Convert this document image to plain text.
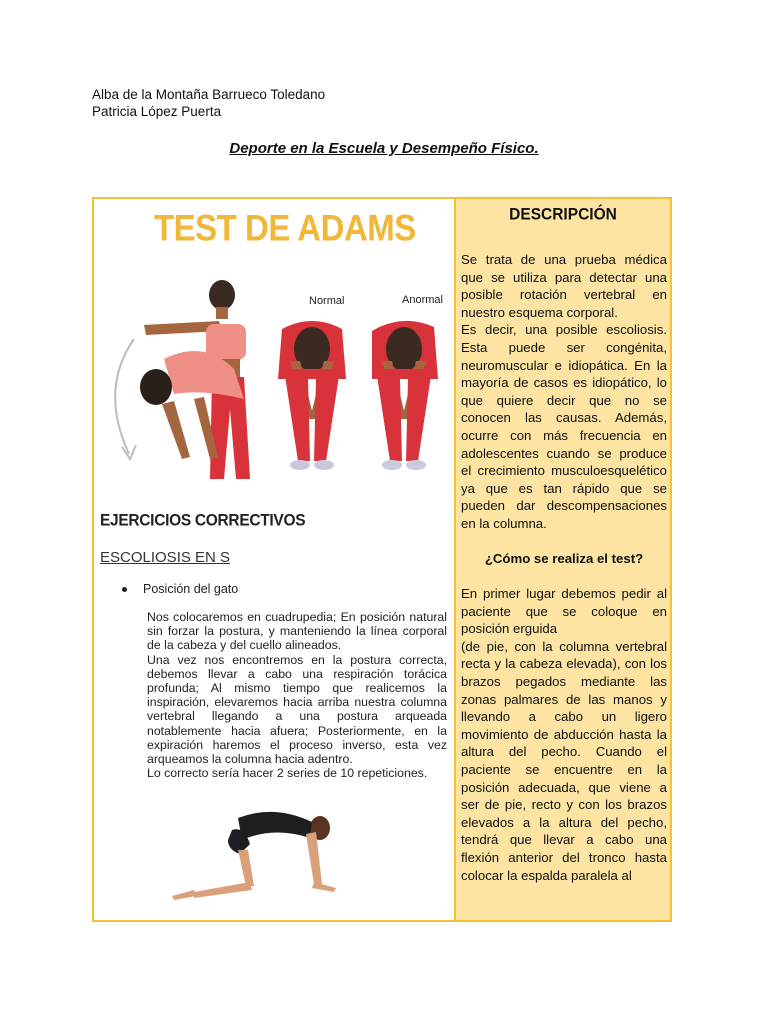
Alba de la Montaña Barrueco Toledano
Patricia López Puerta
Deporte en la Escuela y Desempeño Físico.
TEST DE ADAMS
Normal	Anormal
EJERCICIOS CORRECTIVOS
ESCOLIOSIS EN S
Posición del gato

Nos colocaremos en cuadrupedia; En posición natural sin forzar la postura, y manteniendo la línea corporal de la cabeza y del cuello alineados.

Una vez nos encontremos en la postura correcta, debemos llevar a cabo una respiración torácica profunda; Al mismo tiempo que realicemos la inspiración, elevaremos hacia arriba nuestra columna vertebral llegando a una postura arqueada notablemente hacia afuera; Posteriormente, en la expiración haremos el proceso inverso, esta vez arqueamos la columna hacia adentro.

Lo correcto sería hacer 2 series de 10 repeticiones.

DESCRIPCIÓN

Se trata de una prueba médica que se utiliza para detectar una posible rotación vertebral en nuestro esquema corporal.

Es decir, una posible escoliosis. Esta puede ser congénita, neuromuscular e idiopática. En la mayoría de casos es idiopático, lo que quiere decir que no se conocen las causas. Además, ocurre con más frecuencia en adolescentes cuando se produce el crecimiento musculoesquelético ya que es tan rápido que se pueden dar descompensaciones en la columna.

¿Cómo se realiza el test?

En primer lugar debemos pedir al paciente que se coloque en posición erguida

(de pie, con la columna vertebral recta y la cabeza elevada), con los brazos pegados mediante las zonas palmares de las manos y llevando a cabo un ligero movimiento de abducción hasta la altura del pecho. Cuando el paciente se encuentre en la posición adecuada, que viene a ser de pie, recto y con los brazos elevados a la altura del pecho, tendrá que llevar a cabo una flexión anterior del tronco hasta colocar la espalda paralela al
